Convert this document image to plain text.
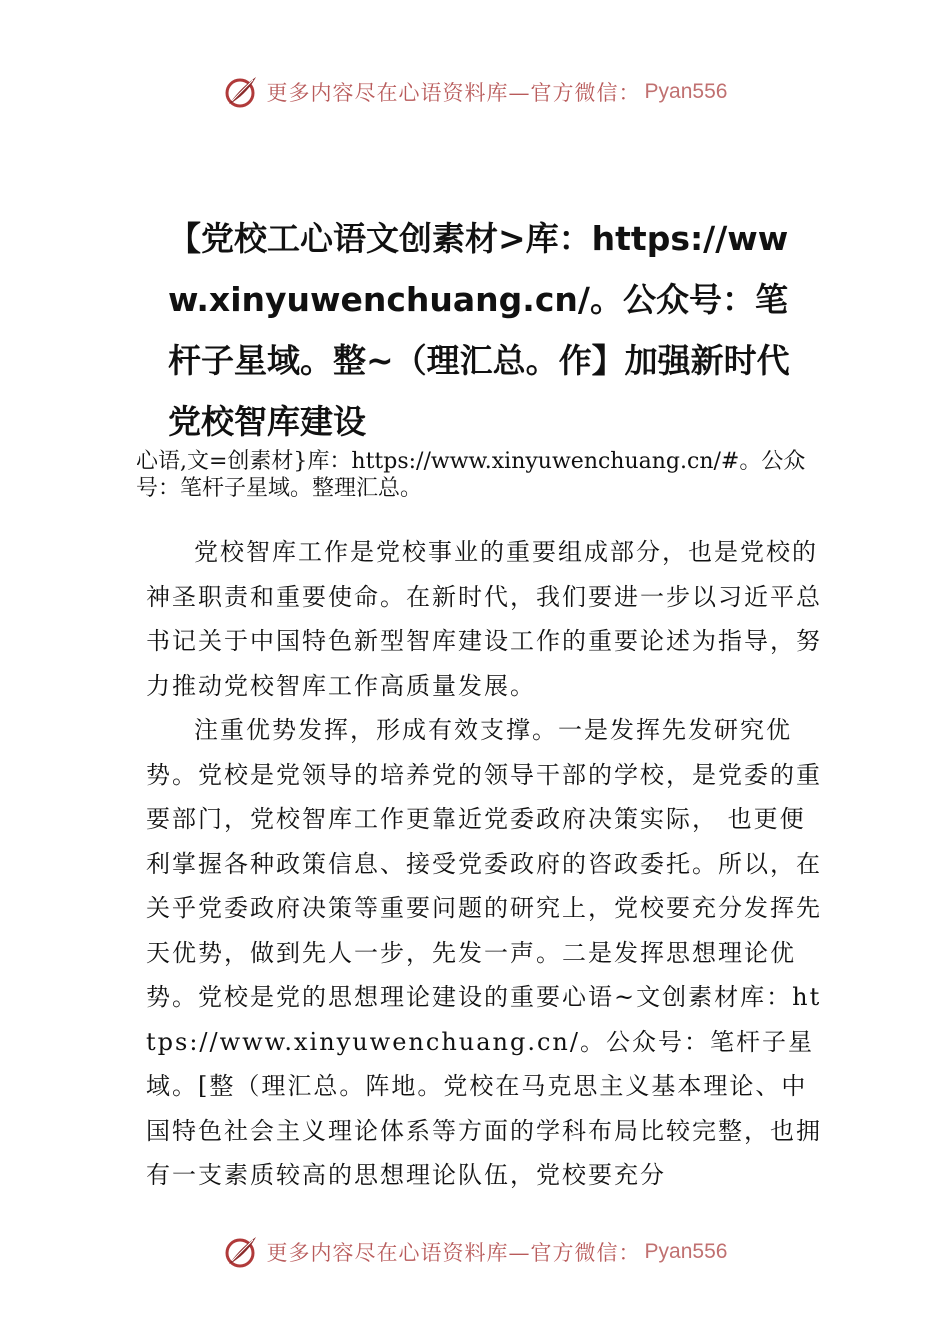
更多内容尽在心语资料库—官方微信： Pyan556
【党校工心语文创素材>库：https://www.xinyuwenchuang.cn/。公众号：笔杆子星域。整~（理汇总。作】加强新时代党校智库建设
心语,文=创素材}库：https://www.xinyuwenchuang.cn/#。公众号：笔杆子星域。整理汇总。

党校智库工作是党校事业的重要组成部分，也是党校的神圣职责和重要使命。在新时代，我们要进一步以习近平总书记关于中国特色新型智库建设工作的重要论述为指导，努力推动党校智库工作高质量发展。

注重优势发挥，形成有效支撑。一是发挥先发研究优势。党校是党领导的培养党的领导干部的学校，是党委的重要部门，党校智库工作更靠近党委政府决策实际， 也更便利掌握各种政策信息、接受党委政府的咨政委托。所以，在关乎党委政府决策等重要问题的研究上，党校要充分发挥先天优势，做到先人一步，先发一声。二是发挥思想理论优势。党校是党的思想理论建设的重要心语~文创素材库：https://www.xinyuwenchuang.cn/。公众号：笔杆子星域。[整（理汇总。阵地。党校在马克思主义基本理论、中国特色社会主义理论体系等方面的学科布局比较完整，也拥有一支素质较高的思想理论队伍，党校要充分

更多内容尽在心语资料库—官方微信： Pyan556
